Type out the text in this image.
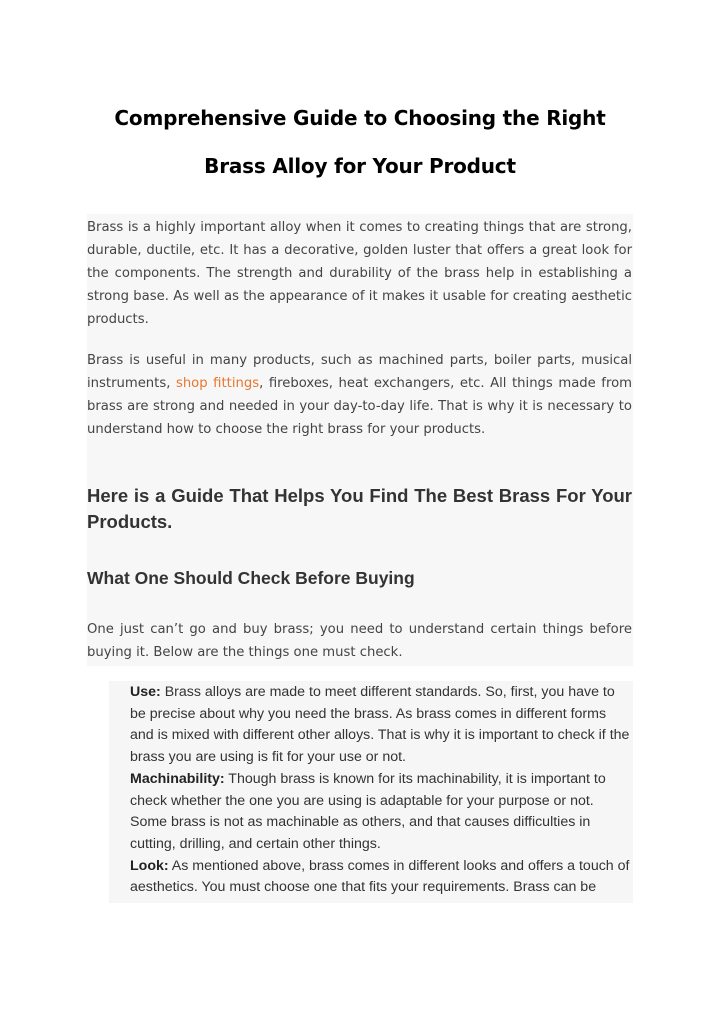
Comprehensive Guide to Choosing the Right
Brass Alloy for Your Product

Brass is a highly important alloy when it comes to creating things that are strong, durable, ductile, etc. It has a decorative, golden luster that offers a great look for the components. The strength and durability of the brass help in establishing a strong base. As well as the appearance of it makes it usable for creating aesthetic products.

Brass is useful in many products, such as machined parts, boiler parts, musical instruments, shop fittings, fireboxes, heat exchangers, etc. All things made from brass are strong and needed in your day-to-day life. That is why it is necessary to understand how to choose the right brass for your products.

Here is a Guide That Helps You Find The Best Brass For Your Products.
What One Should Check Before Buying

One just can’t go and buy brass; you need to understand certain things before buying it. Below are the things one must check.

Use: Brass alloys are made to meet different standards. So, first, you have to be precise about why you need the brass. As brass comes in different forms and is mixed with different other alloys. That is why it is important to check if the brass you are using is fit for your use or not.
Machinability: Though brass is known for its machinability, it is important to check whether the one you are using is adaptable for your purpose or not. Some brass is not as machinable as others, and that causes difficulties in cutting, drilling, and certain other things.
Look: As mentioned above, brass comes in different looks and offers a touch of aesthetics. You must choose one that fits your requirements. Brass can be
